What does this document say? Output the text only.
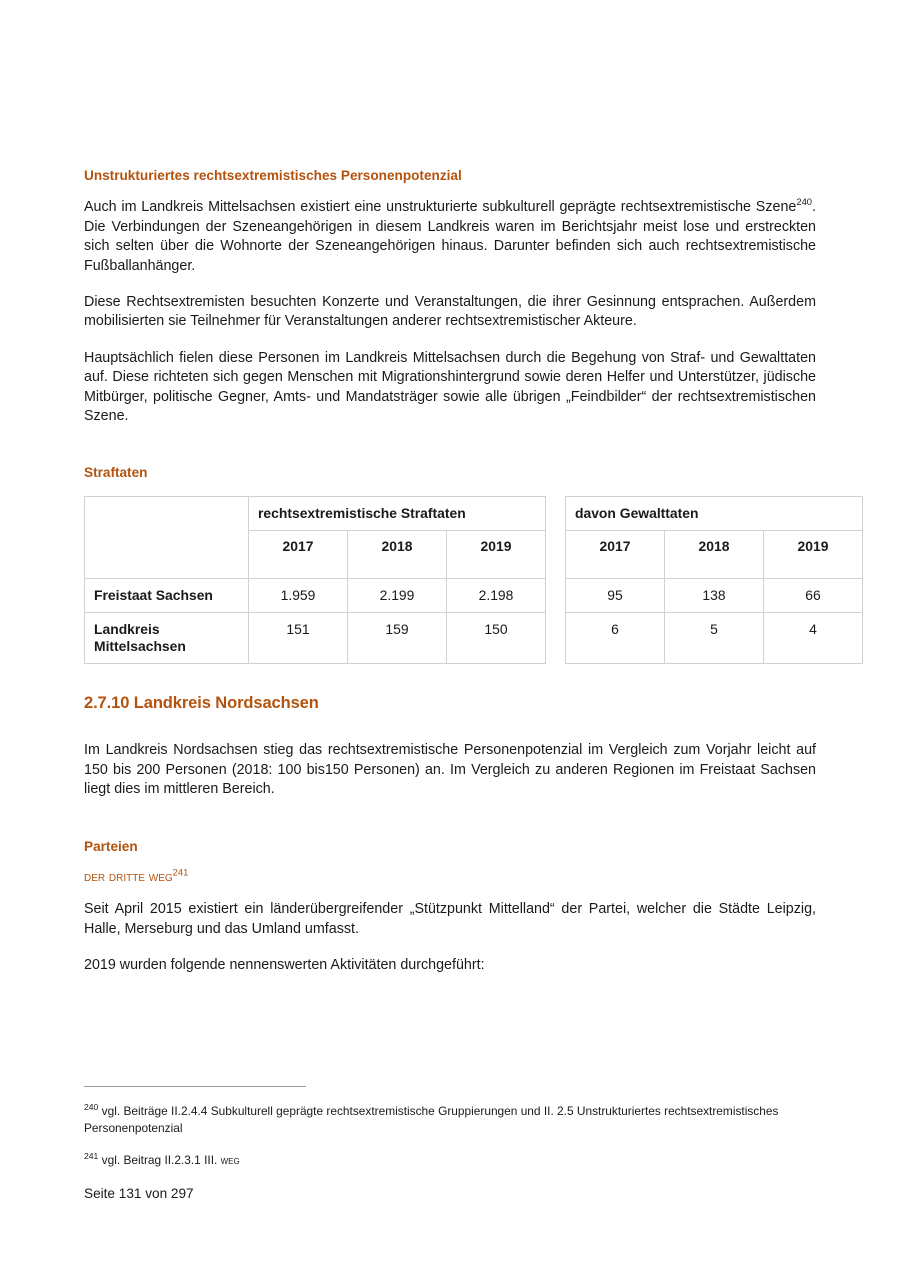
Unstrukturiertes rechtsextremistisches Personenpotenzial

Auch im Landkreis Mittelsachsen existiert eine unstrukturierte subkulturell geprägte rechtsextremistische Szene$^{240}$. Die Verbindungen der Szeneangehörigen in diesem Landkreis waren im Berichtsjahr meist lose und erstreckten sich selten über die Wohnorte der Szeneangehörigen hinaus. Darunter befinden sich auch rechtsextremistische Fußballanhänger.

Diese Rechtsextremisten besuchten Konzerte und Veranstaltungen, die ihrer Gesinnung entsprachen. Außerdem mobilisierten sie Teilnehmer für Veranstaltungen anderer rechtsextremistischer Akteure.

Hauptsächlich fielen diese Personen im Landkreis Mittelsachsen durch die Begehung von Straf- und Gewalttaten auf. Diese richteten sich gegen Menschen mit Migrationshintergrund sowie deren Helfer und Unterstützer, jüdische Mitbürger, politische Gegner, Amts- und Mandatsträger sowie alle übrigen „Feindbilder“ der rechtsextremistischen Szene.

Straftaten
	rechtsextremistische Straftaten				davon Gewalttaten		
	2017	2018	2019		2017	2018	2019
Freistaat Sachsen	1.959	2.199	2.198		95	138	66
Landkreis Mittelsachsen	151	159	150		6	5	4
2.7.10 Landkreis Nordsachsen

Im Landkreis Nordsachsen stieg das rechtsextremistische Personenpotenzial im Vergleich zum Vorjahr leicht auf 150 bis 200 Personen (2018: 100 bis150 Personen) an. Im Vergleich zu anderen Regionen im Freistaat Sachsen liegt dies im mittleren Bereich.

Parteien
der dritte weg$^{241}$

Seit April 2015 existiert ein länderübergreifender „Stützpunkt Mittelland“ der Partei, welcher die Städte Leipzig, Halle, Merseburg und das Umland umfasst.

2019 wurden folgende nennenswerten Aktivitäten durchgeführt:

$^{240}$ vgl. Beiträge II.2.4.4 Subkulturell geprägte rechtsextremistische Gruppierungen und II. 2.5 Unstrukturiertes rechtsextremistisches Personenpotenzial

$^{241}$ vgl. Beitrag II.2.3.1 III. weg

Seite 131 von 297
